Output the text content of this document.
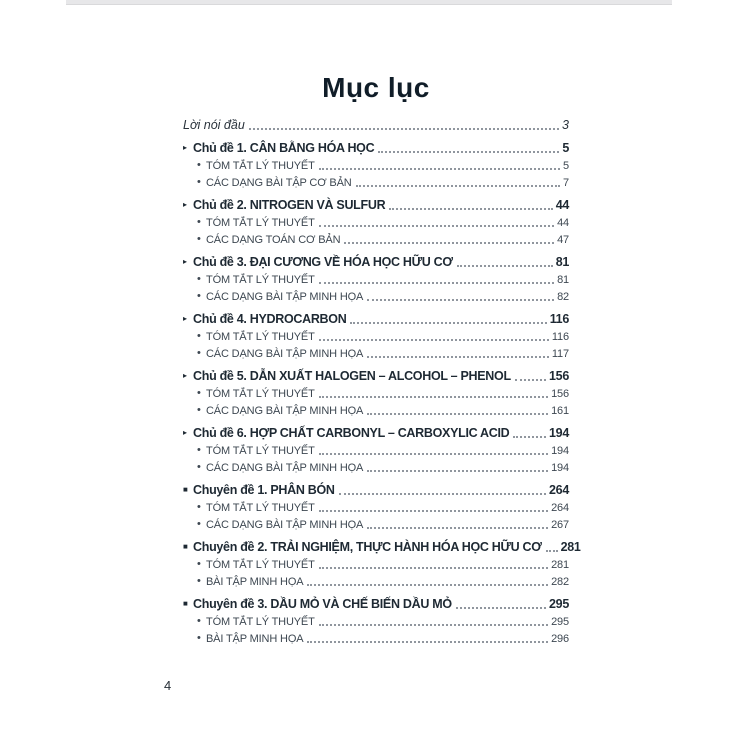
Mục lục
Lời nói đầu	3
▸ Chủ đề 1. CÂN BẰNG HÓA HỌC	5
• TÓM TẮT LÝ THUYẾT	5
• CÁC DẠNG BÀI TẬP CƠ BẢN	7
▸ Chủ đề 2. NITROGEN VÀ SULFUR	44
• TÓM TẮT LÝ THUYẾT	44
• CÁC DẠNG TOÁN CƠ BẢN	47
▸ Chủ đề 3. ĐẠI CƯƠNG VỀ HÓA HỌC HỮU CƠ	81
• TÓM TẮT LÝ THUYẾT	81
• CÁC DẠNG BÀI TẬP MINH HỌA	82
▸ Chủ đề 4. HYDROCARBON	116
• TÓM TẮT LÝ THUYẾT	116
• CÁC DẠNG BÀI TẬP MINH HỌA	117
▸ Chủ đề 5. DẪN XUẤT HALOGEN – ALCOHOL – PHENOL	156
• TÓM TẮT LÝ THUYẾT	156
• CÁC DẠNG BÀI TẬP MINH HỌA	161
▸ Chủ đề 6. HỢP CHẤT CARBONYL – CARBOXYLIC ACID	194
• TÓM TẮT LÝ THUYẾT	194
• CÁC DẠNG BÀI TẬP MINH HỌA	194
■ Chuyên đề 1. PHÂN BÓN	264
• TÓM TẮT LÝ THUYẾT	264
• CÁC DẠNG BÀI TẬP MINH HỌA	267
■ Chuyên đề 2. TRẢI NGHIỆM, THỰC HÀNH HÓA HỌC HỮU CƠ 281
• TÓM TẮT LÝ THUYẾT	281
• BÀI TẬP MINH HỌA	282
■ Chuyên đề 3. DẦU MỎ VÀ CHẾ BIẾN DẦU MỎ	295
• TÓM TẮT LÝ THUYẾT	295
• BÀI TẬP MINH HỌA	296
4
